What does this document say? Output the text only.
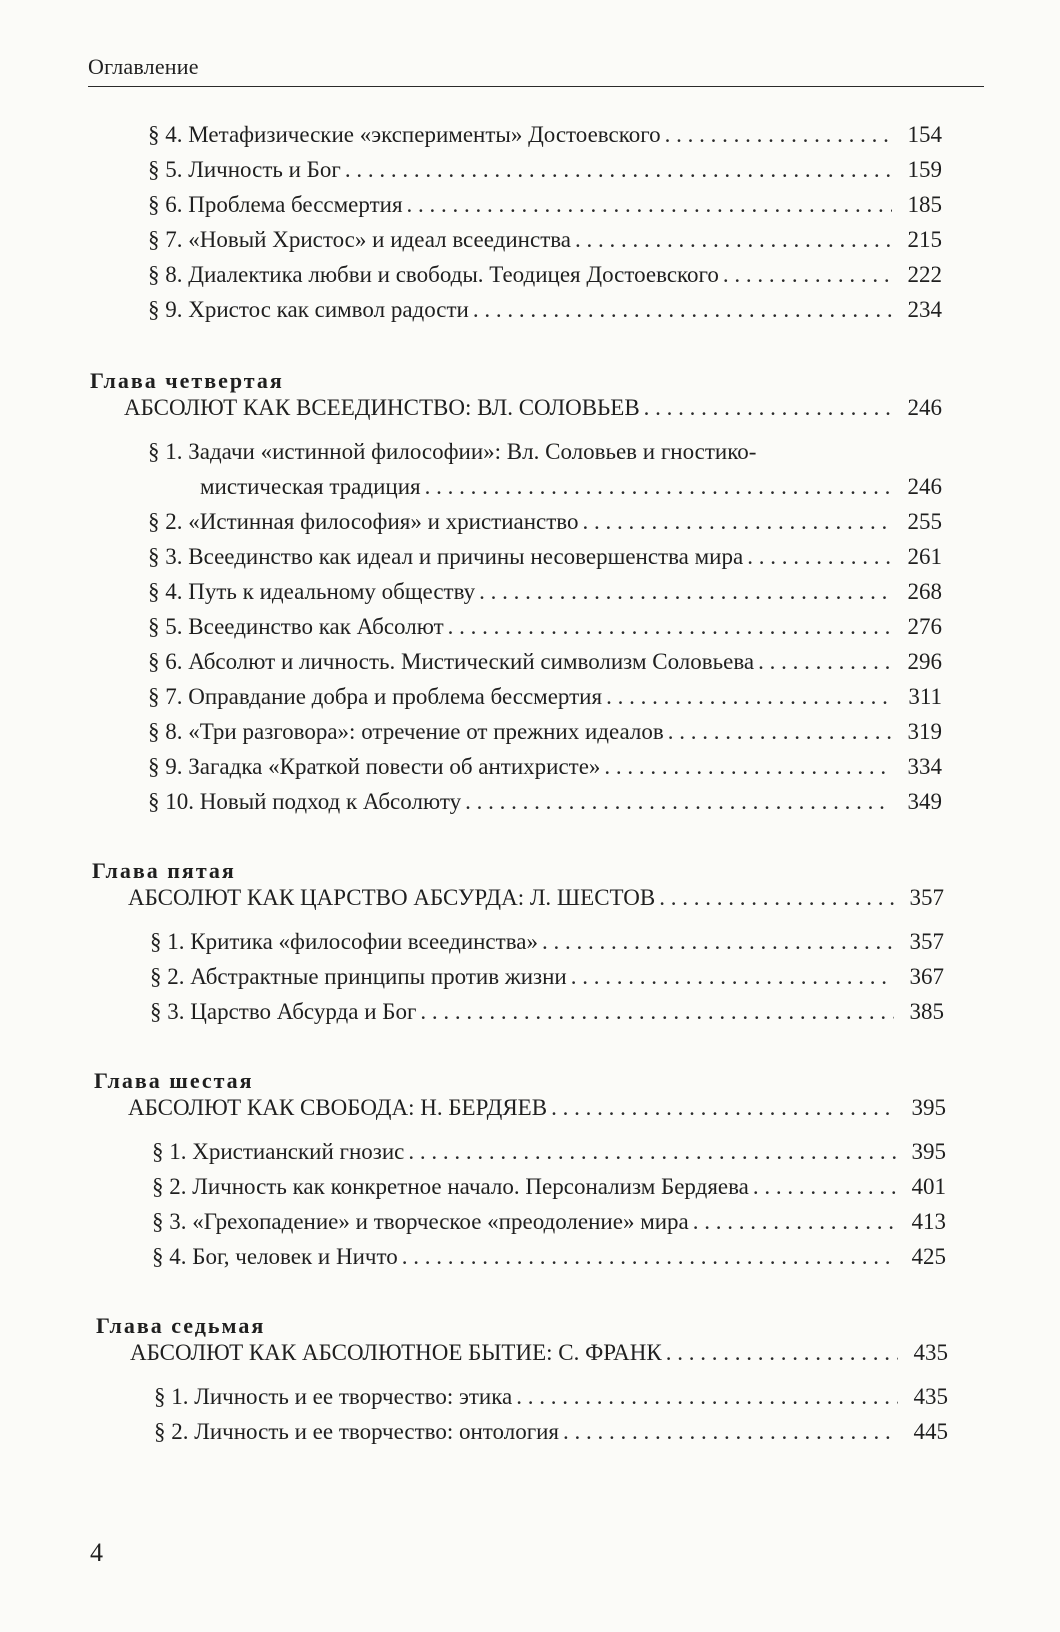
Оглавление
§ 4. Метафизические «эксперименты» Достоевского . . .	154
§ 5. Личность и Бог . . .	159
§ 6. Проблема бессмертия . . .	185
§ 7. «Новый Христос» и идеал всеединства . . .	215
§ 8. Диалектика любви и свободы. Теодицея Достоевского . . .	222
§ 9. Христос как символ радости . . .	234
Глава четвертая
АБСОЛЮТ КАК ВСЕЕДИНСТВО: ВЛ. СОЛОВЬЕВ . . .	246
§ 1. Задачи «истинной философии»: Вл. Соловьев и гностико-
мистическая традиция . . .	246
§ 2. «Истинная философия» и христианство . . .	255
§ 3. Всеединство как идеал и причины несовершенства мира . . .	261
§ 4. Путь к идеальному обществу . . .	268
§ 5. Всеединство как Абсолют . . .	276
§ 6. Абсолют и личность. Мистический символизм Соловьева . . .	296
§ 7. Оправдание добра и проблема бессмертия . . .	311
§ 8. «Три разговора»: отречение от прежних идеалов . . .	319
§ 9. Загадка «Краткой повести об антихристе» . . .	334
§ 10. Новый подход к Абсолюту . . .	349
Глава пятая
АБСОЛЮТ КАК ЦАРСТВО АБСУРДА: Л. ШЕСТОВ . . .	357
§ 1. Критика «философии всеединства» . . .	357
§ 2. Абстрактные принципы против жизни . . .	367
§ 3. Царство Абсурда и Бог . . .	385
Глава шестая
АБСОЛЮТ КАК СВОБОДА: Н. БЕРДЯЕВ . . .	395
§ 1. Христианский гнозис . . .	395
§ 2. Личность как конкретное начало. Персонализм Бердяева . . .	401
§ 3. «Грехопадение» и творческое «преодоление» мира . . .	413
§ 4. Бог, человек и Ничто . . .	425
Глава седьмая
АБСОЛЮТ КАК АБСОЛЮТНОЕ БЫТИЕ: С. ФРАНК . . .	435
§ 1. Личность и ее творчество: этика . . .	435
§ 2. Личность и ее творчество: онтология . . .	445
4
